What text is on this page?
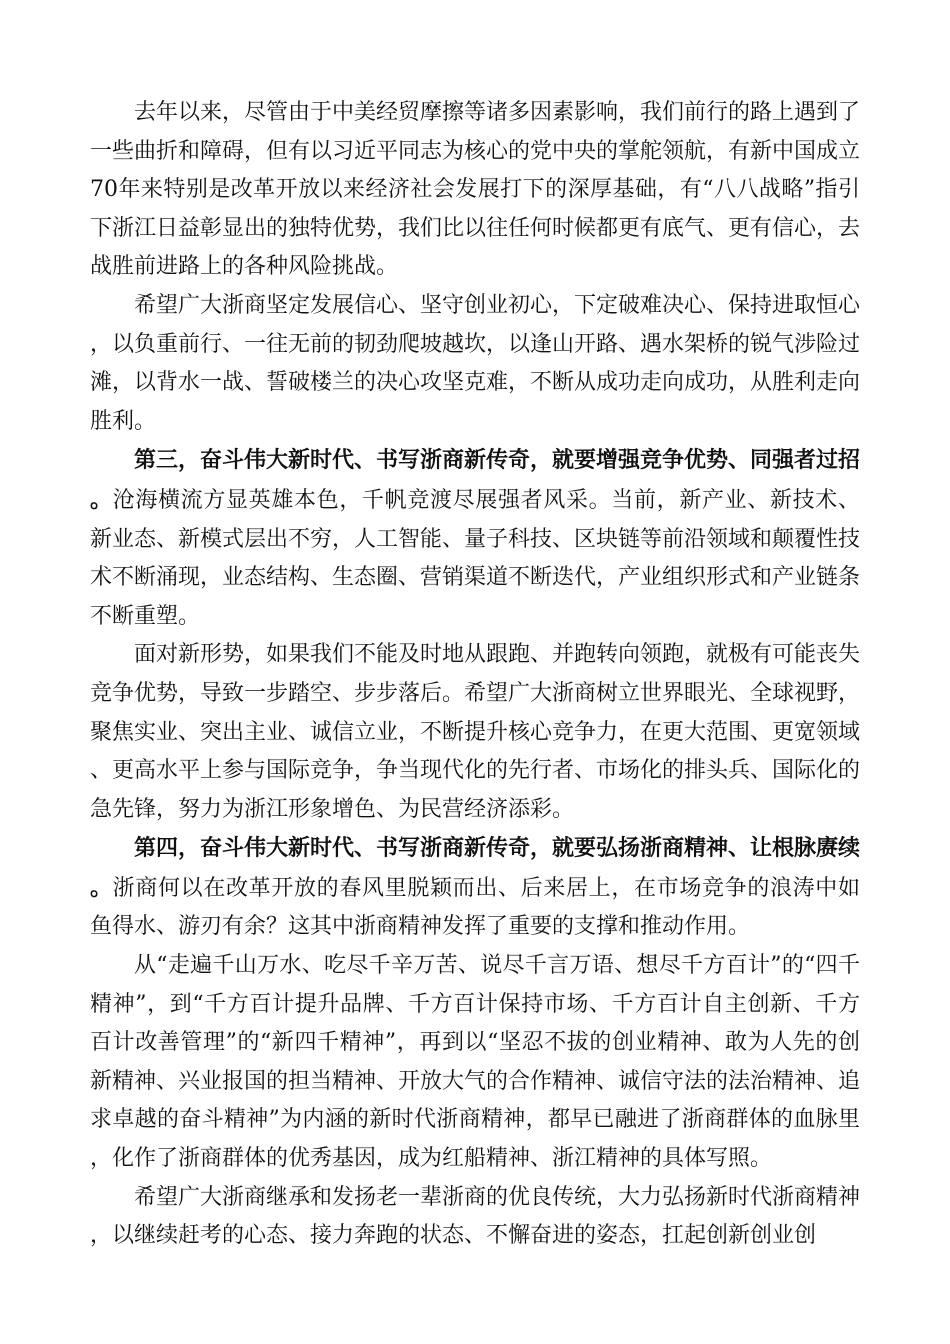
去年以来，尽管由于中美经贸摩擦等诸多因素影响，我们前行的路上遇到了一些曲折和障碍，但有以习近平同志为核心的党中央的掌舵领航，有新中国成立70年来特别是改革开放以来经济社会发展打下的深厚基础，有“八八战略”指引下浙江日益彰显出的独特优势，我们比以往任何时候都更有底气、更有信心，去战胜前进路上的各种风险挑战。

希望广大浙商坚定发展信心、坚守创业初心，下定破难决心、保持进取恒心，以负重前行、一往无前的韧劲爬坡越坎，以逢山开路、遇水架桥的锐气涉险过滩，以背水一战、誓破楼兰的决心攻坚克难，不断从成功走向成功，从胜利走向胜利。

第三，奋斗伟大新时代、书写浙商新传奇，就要增强竞争优势、同强者过招。沧海横流方显英雄本色，千帆竞渡尽展强者风采。当前，新产业、新技术、新业态、新模式层出不穷，人工智能、量子科技、区块链等前沿领域和颠覆性技术不断涌现，业态结构、生态圈、营销渠道不断迭代，产业组织形式和产业链条不断重塑。

面对新形势，如果我们不能及时地从跟跑、并跑转向领跑，就极有可能丧失竞争优势，导致一步踏空、步步落后。希望广大浙商树立世界眼光、全球视野，聚焦实业、突出主业、诚信立业，不断提升核心竞争力，在更大范围、更宽领域、更高水平上参与国际竞争，争当现代化的先行者、市场化的排头兵、国际化的急先锋，努力为浙江形象增色、为民营经济添彩。

第四，奋斗伟大新时代、书写浙商新传奇，就要弘扬浙商精神、让根脉赓续。浙商何以在改革开放的春风里脱颖而出、后来居上，在市场竞争的浪涛中如鱼得水、游刃有余？这其中浙商精神发挥了重要的支撑和推动作用。

从“走遍千山万水、吃尽千辛万苦、说尽千言万语、想尽千方百计”的“四千精神”，到“千方百计提升品牌、千方百计保持市场、千方百计自主创新、千方百计改善管理”的“新四千精神”，再到以“坚忍不拔的创业精神、敢为人先的创新精神、兴业报国的担当精神、开放大气的合作精神、诚信守法的法治精神、追求卓越的奋斗精神”为内涵的新时代浙商精神，都早已融进了浙商群体的血脉里，化作了浙商群体的优秀基因，成为红船精神、浙江精神的具体写照。

希望广大浙商继承和发扬老一辈浙商的优良传统，大力弘扬新时代浙商精神，以继续赶考的心态、接力奔跑的状态、不懈奋进的姿态，扛起创新创业创
